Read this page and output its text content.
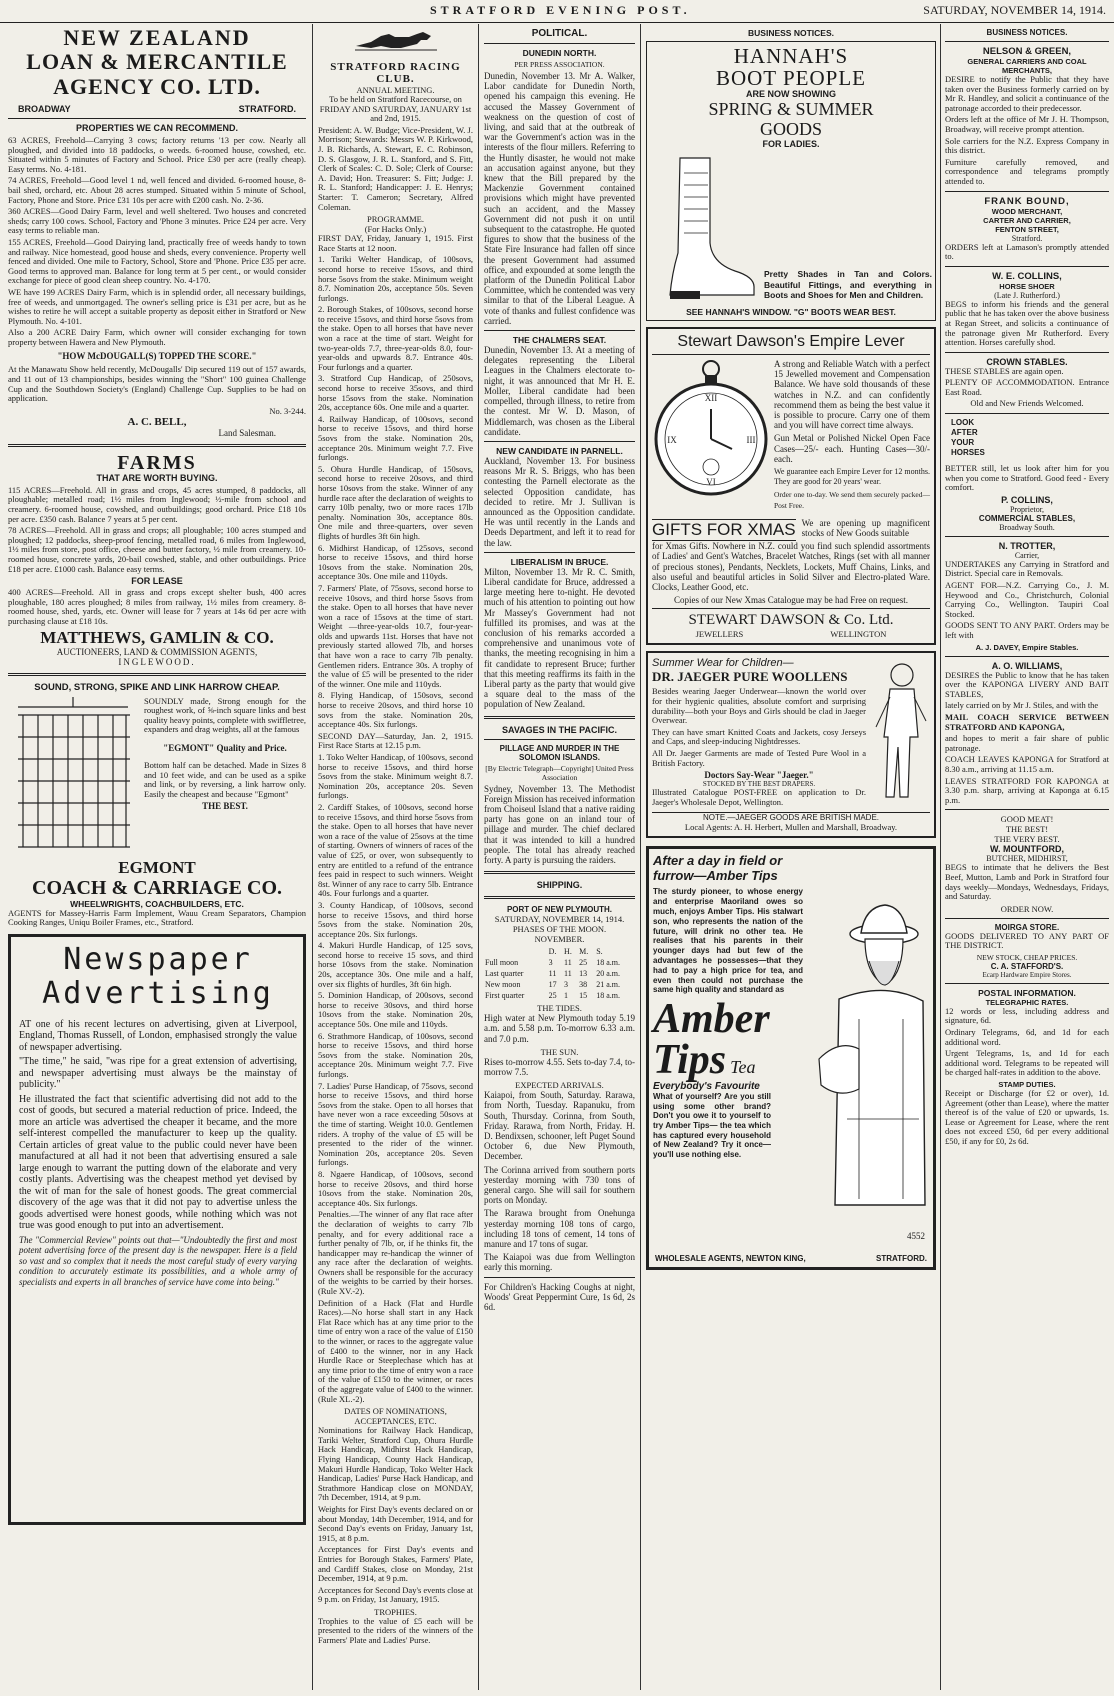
STRATFORD EVENING POST.	SATURDAY, NOVEMBER 14, 1914.
NEW ZEALAND
LOAN & MERCANTILE
AGENCY CO. LTD.
BROADWAY	STRATFORD.
PROPERTIES WE CAN RECOMMEND.

63 ACRES, Freehold—Carrying 3 cows; factory returns '13 per cow. Nearly all ploughed, and divided into 18 paddocks, o weeds. 6-roomed house, cowshed, etc. Situated within 5 minutes of Factory and School. Price £30 per acre (really cheap). Easy terms. No. 4-181.

74 ACRES, Freehold—Good level 1 nd, well fenced and divided. 6-roomed house, 8-bail shed, orchard, etc. About 28 acres stumped. Situated within 5 minute of School, Factory, Phone and Store. Price £31 10s per acre with £200 cash. No. 2-36.

360 ACRES—Good Dairy Farm, level and well sheltered. Two houses and concreted sheds; carry 100 cows. School, Factory and 'Phone 3 minutes. Price £24 per acre. Very easy terms to reliable man.

155 ACRES, Freehold—Good Dairying land, practically free of weeds handy to town and railway. Nice homestead, good house and sheds, every convenience. Property well fenced and divided. One mile to Factory, School, Store and 'Phone. Price £35 per acre. Good terms to approved man. Balance for long term at 5 per cent., or would consider exchange for piece of good clean sheep country. No. 4-170.

WE have 199 ACRES Dairy Farm, which is in splendid order, all necessary buildings, free of weeds, and unmortgaged. The owner's selling price is £31 per acre, but as he wishes to retire he will accept a suitable property as deposit either in Stratford or New Plymouth. No. 4-101.

Also a 200 ACRE Dairy Farm, which owner will consider exchanging for town property between Hawera and New Plymouth.

"HOW McDOUGALL(S) TOPPED THE SCORE."

At the Manawatu Show held recently, McDougalls' Dip secured 119 out of 157 awards, and 11 out of 13 championships, besides winning the "Short" 100 guinea Challenge Cup and the Southdown Society's (England) Challenge Cup. Supplies to be had on application.

No. 3-244.
A. C. BELL,
Land Salesman.
FARMS
THAT ARE WORTH BUYING.

115 ACRES—Freehold. All in grass and crops, 45 acres stumped, 8 paddocks, all ploughable; metalled road; 1½ miles from Inglewood; ½-mile from school and creamery. 6-roomed house, cowshed, and outbuildings; good orchard. Price £18 10s per acre. £350 cash. Balance 7 years at 5 per cent.

78 ACRES—Freehold. All in grass and crops; all ploughable; 100 acres stumped and ploughed; 12 paddocks, sheep-proof fencing, metalled road, 6 miles from Inglewood, 1½ miles from store, post office, cheese and butter factory, ½ mile from creamery. 10-roomed house, concrete yards, 20-bail cowshed, stable, and other outbuildings. Price £18 per acre. £1000 cash. Balance easy terms.

FOR LEASE

400 ACRES—Freehold. All in grass and crops except shelter bush, 400 acres ploughable, 180 acres ploughed; 8 miles from railway, 1½ miles from creamery. 8-roomed house, shed, yards, etc. Owner will lease for 7 years at 14s 6d per acre with purchasing clause at £18 10s.

MATTHEWS, GAMLIN & CO.
AUCTIONEERS, LAND & COMMISSION AGENTS,
INGLEWOOD.
SOUND, STRONG, SPIKE AND LINK HARROW CHEAP.

SOUNDLY made, Strong enough for the roughest work, of ⅝-inch square links and best quality heavy points, complete with swiffletree, expanders and drag weights, all at the famous

"EGMONT" Quality and Price.

Bottom half can be detached. Made in Sizes 8 and 10 feet wide, and can be used as a spike and link, or by reversing, a link harrow only. Easily the cheapest and because "Egmont"

THE BEST.
EGMONT
COACH & CARRIAGE CO.
WHEELWRIGHTS, COACHBUILDERS, ETC.

AGENTS for Massey-Harris Farm Implement, Wauu Cream Separators, Champion Cooking Ranges, Uniqu Boiler Frames, etc., Stratford.

Newspaper
Advertising

AT one of his recent lectures on advertising, given at Liverpool, England, Thomas Russell, of London, emphasised strongly the value of newspaper advertising.

"The time," he said, "was ripe for a great extension of advertising, and newspaper advertising must always be the mainstay of publicity."

He illustrated the fact that scientific advertising did not add to the cost of goods, but secured a material reduction of price. Indeed, the more an article was advertised the cheaper it became, and the more self-interest compelled the manufacturer to keep up the quality. Certain articles of great value to the public could never have been manufactured at all had it not been that advertising ensured a sale large enough to warrant the putting down of the elaborate and very costly plants. Advertising was the cheapest method yet devised by the wit of man for the sale of honest goods. The great commercial discovery of the age was that it did not pay to advertise unless the goods advertised were honest goods, while nothing which was not true was good enough to put into an advertisement.

The "Commercial Review" points out that—"Undoubtedly the first and most potent advertising force of the present day is the newspaper. Here is a field so vast and so complex that it needs the most careful study of every varying condition to accurately estimate its possibilities, and a whole army of specialists and experts in all branches of service have come into being."

STRATFORD RACING CLUB.
ANNUAL MEETING.

To be held on Stratford Racecourse, on FRIDAY AND SATURDAY, JANUARY 1st and 2nd, 1915.

President: A. W. Budge; Vice-President, W. J. Morrison; Stewards: Messrs W. P. Kirkwood, J. B. Richards, A. Stewart, E. C. Robinson, D. S. Glasgow, J. R. L. Stanford, and S. Fitt, Clerk of Scales: C. D. Sole; Clerk of Course: A. David; Hon. Treasurer: S. Fitt; Judge: J. R. L. Stanford; Handicapper: J. E. Henrys; Starter: T. Cameron; Secretary, Alfred Coleman.

PROGRAMME.
(For Hacks Only.)

FIRST DAY, Friday, January 1, 1915. First Race Starts at 12 noon.

1. Tariki Welter Handicap, of 100sovs, second horse to receive 15sovs, and third horse 5sovs from the stake. Minimum weight 8.7. Nomination 20s, acceptance 50s. Seven furlongs.

2. Borough Stakes, of 100sovs, second horse to receive 15sovs, and third horse 5sovs from the stake. Open to all horses that have never won a race at the time of start. Weight for two-year-olds 7.7, three-year-olds 8.0, four-year-olds and upwards 8.7. Entrance 40s. Four furlongs and a quarter.

3. Stratford Cup Handicap, of 250sovs, second horse to receive 35sovs, and third horse 15sovs from the stake. Nomination 20s, acceptance 60s. One mile and a quarter.

4. Railway Handicap, of 100sovs, second horse to receive 15sovs, and third horse 5sovs from the stake. Nomination 20s, acceptance 20s. Minimum weight 7.7. Five furlongs.

5. Ohura Hurdle Handicap, of 150sovs, second horse to receive 20sovs, and third horse 10sovs from the stake. Winner of any hurdle race after the declaration of weights to carry 10lb penalty, two or more races 17lb penalty. Nomination 30s, acceptance 80s. One mile and three-quarters, over seven flights of hurdles 3ft 6in high.

6. Midhirst Handicap, of 125sovs, second horse to receive 15sovs, and third horse 10sovs from the stake. Nomination 20s, acceptance 30s. One mile and 110yds.

7. Farmers' Plate, of 75sovs, second horse to receive 10sovs, and third horse 5sovs from the stake. Open to all horses that have never won a race of 15sovs at the time of start. Weight —three-year-olds 10.7, four-year-olds and upwards 11st. Horses that have not previously started allowed 7lb, and horses that have won a race to carry 7lb penalty. Gentlemen riders. Entrance 30s. A trophy of the value of £5 will be presented to the rider of the winner. One mile and 110yds.

8. Flying Handicap, of 150sovs, second horse to receive 20sovs, and third horse 10 sovs from the stake. Nomination 20s, acceptance 40s. Six furlongs.

SECOND DAY—Saturday, Jan. 2, 1915. First Race Starts at 12.15 p.m.

1. Toko Welter Handicap, of 100sovs, second horse to receive 15sovs, and third horse 5sovs from the stake. Minimum weight 8.7. Nomination 20s, acceptance 20s. Seven furlongs.

2. Cardiff Stakes, of 100sovs, second horse to receive 15sovs, and third horse 5sovs from the stake. Open to all horses that have never won a race of the value of 25sovs at the time of starting. Owners of winners of races of the value of £25, or over, won subsequently to entry are entitled to a refund of the entrance fees paid in respect to such winners. Weight 8st. Winner of any race to carry 5lb. Entrance 40s. Four furlongs and a quarter.

3. County Handicap, of 100sovs, second horse to receive 15sovs, and third horse 5sovs from the stake. Nomination 20s, acceptance 20s. Six furlongs.

4. Makuri Hurdle Handicap, of 125 sovs, second horse to receive 15 sovs, and third horse 10sovs from the stake. Nomination 20s, acceptance 30s. One mile and a half, over six flights of hurdles, 3ft 6in high.

5. Dominion Handicap, of 200sovs, second horse to receive 30sovs, and third horse 10sovs from the stake. Nomination 20s, acceptance 50s. One mile and 110yds.

6. Strathmore Handicap, of 100sovs, second horse to receive 15sovs, and third horse 5sovs from the stake. Nomination 20s, acceptance 20s. Minimum weight 7.7. Five furlongs.

7. Ladies' Purse Handicap, of 75sovs, second horse to receive 15sovs, and third horse 5sovs from the stake. Open to all horses that have never won a race exceeding 50sovs at the time of starting. Weight 10.0. Gentlemen riders. A trophy of the value of £5 will be presented to the rider of the winner. Nomination 20s, acceptance 20s. Seven furlongs.

8. Ngaere Handicap, of 100sovs, second horse to receive 20sovs, and third horse 10sovs from the stake. Nomination 20s, acceptance 40s. Six furlongs.

Penalties.—The winner of any flat race after the declaration of weights to carry 7lb penalty, and for every additional race a further penalty of 7lb, or, if he thinks fit, the handicapper may re-handicap the winner of any race after the declaration of weights. Owners shall be responsible for the accuracy of the weights to be carried by their horses. (Rule XV.-2).

Definition of a Hack (Flat and Hurdle Races).—No horse shall start in any Hack Flat Race which has at any time prior to the time of entry won a race of the value of £150 to the winner, or races to the aggregate value of £400 to the winner, nor in any Hack Hurdle Race or Steeplechase which has at any time prior to the time of entry won a race of the value of £150 to the winner, or races of the aggregate value of £400 to the winner. (Rule XL.-2).

DATES OF NOMINATIONS, ACCEPTANCES, ETC.

Nominations for Railway Hack Handicap, Tariki Welter, Stratford Cup, Ohura Hurdle Hack Handicap, Midhirst Hack Handicap, Flying Handicap, County Hack Handicap, Makuri Hurdle Handicap, Toko Welter Hack Handicap, Ladies' Purse Hack Handicap, and Strathmore Handicap close on MONDAY, 7th December, 1914, at 9 p.m.

Weights for First Day's events declared on or about Monday, 14th December, 1914, and for Second Day's events on Friday, January 1st, 1915, at 8 p.m.

Acceptances for First Day's events and Entries for Borough Stakes, Farmers' Plate, and Cardiff Stakes, close on Monday, 21st December, 1914, at 9 p.m.

Acceptances for Second Day's events close at 9 p.m. on Friday, 1st January, 1915.

TROPHIES.

Trophies to the value of £5 each will be presented to the riders of the winners of the Farmers' Plate and Ladies' Purse.

POLITICAL.
DUNEDIN NORTH.
PER PRESS ASSOCIATION.

Dunedin, November 13. Mr A. Walker, Labor candidate for Dunedin North, opened his campaign this evening. He accused the Massey Government of weakness on the question of cost of living, and said that at the outbreak of war the Government's action was in the interests of the flour millers. Referring to the Huntly disaster, he would not make an accusation against anyone, but they knew that the Bill prepared by the Mackenzie Government contained provisions which might have prevented such an accident, and the Massey Government did not push it on until subsequent to the catastrophe. He quoted figures to show that the business of the State Fire Insurance had fallen off since the present Government had assumed office, and expounded at some length the platform of the Dunedin Political Labor Committee, which he contended was very similar to that of the Liberal League. A vote of thanks and fullest confidence was carried.

THE CHALMERS SEAT.

Dunedin, November 13. At a meeting of delegates representing the Liberal Leagues in the Chalmers electorate to-night, it was announced that Mr H. E. Moller, Liberal candidate had been compelled, through illness, to retire from the contest. Mr W. D. Mason, of Middlemarch, was chosen as the Liberal candidate.

NEW CANDIDATE IN PARNELL.

Auckland, November 13. For business reasons Mr R. S. Briggs, who has been contesting the Parnell electorate as the selected Opposition candidate, has decided to retire. Mr J. Sullivan is announced as the Opposition candidate. He was until recently in the Lands and Deeds Department, and left it to read for the law.

LIBERALISM IN BRUCE.

Milton, November 13. Mr R. C. Smith, Liberal candidate for Bruce, addressed a large meeting here to-night. He devoted much of his attention to pointing out how Mr Massey's Government had not fulfilled its promises, and was at the conclusion of his remarks accorded a comprehensive and unanimous vote of thanks, the meeting recognising in him a fit candidate to represent Bruce; further that this meeting reaffirms its faith in the Liberal party as the party that would give a square deal to the mass of the population of New Zealand.

SAVAGES IN THE PACIFIC.
PILLAGE AND MURDER IN THE SOLOMON ISLANDS.
[By Electric Telegraph—Copyright] United Press Association

Sydney, November 13. The Methodist Foreign Mission has received information from Choiseul Island that a native raiding party has gone on an inland tour of pillage and murder. The chief declared that it was intended to kill a hundred people. The total has already reached forty. A party is pursuing the raiders.

SHIPPING.
PORT OF NEW PLYMOUTH.
SATURDAY, NOVEMBER 14, 1914.
PHASES OF THE MOON.
NOVEMBER.
	D.	H.	M.	S.
Full moon	3	11	25	18 a.m.
Last quarter	11	11	13	20 a.m.
New moon	17	3	38	21 a.m.
First quarter	25	1	15	18 a.m.
THE TIDES.

High water at New Plymouth today 5.19 a.m. and 5.58 p.m. To-morrow 6.33 a.m. and 7.0 p.m.

THE SUN.

Rises to-morrow 4.55. Sets to-day 7.4, to-morrow 7.5.

EXPECTED ARRIVALS.

Kaiapoi, from South, Saturday. Rarawa, from North, Tuesday. Rapanuku, from South, Thursday. Corinna, from South, Friday. Rarawa, from North, Friday. H. D. Bendixsen, schooner, left Puget Sound October 6, due New Plymouth, December.

The Corinna arrived from southern ports yesterday morning with 730 tons of general cargo. She will sail for southern ports on Monday.

The Rarawa brought from Onehunga yesterday morning 108 tons of cargo, including 18 tons of cement, 14 tons of manure and 17 tons of sugar.

The Kaiapoi was due from Wellington early this morning.

For Children's Hacking Coughs at night, Woods' Great Peppermint Cure, 1s 6d, 2s 6d.

BUSINESS NOTICES.
HANNAH'S
BOOT PEOPLE
ARE NOW SHOWING
SPRING & SUMMER
GOODS
FOR LADIES.

Pretty Shades in Tan and Colors. Beautiful Fittings, and everything in Boots and Shoes for Men and Children.

SEE HANNAH'S WINDOW. "G" BOOTS WEAR BEST.
Stewart Dawson's Empire Lever
XII
III
VI
IX

A strong and Reliable Watch with a perfect 15 Jewelled movement and Compensation Balance. We have sold thousands of these watches in N.Z. and can confidently recommend them as being the best value it is possible to procure. Carry one of them and you will have correct time always.

Gun Metal or Polished Nickel Open Face Cases—25/- each. Hunting Cases—30/- each.

We guarantee each Empire Lever for 12 months. They are good for 20 years' wear.

Order one to-day. We send them securely packed—Post Free.

GIFTS FOR XMAS We are opening up magnificent stocks of New Goods suitable

for Xmas Gifts. Nowhere in N.Z. could you find such splendid assortments of Ladies' and Gent's Watches, Bracelet Watches, Rings (set with all manner of precious stones), Pendants, Necklets, Lockets, Muff Chains, Links, and also useful and beautiful articles in Solid Silver and Electro-plated Ware. Clocks, Leather Good, etc.

Copies of our New Xmas Catalogue may be had Free on request.

STEWART DAWSON & Co. Ltd.
JEWELLERS	WELLINGTON
Summer Wear for Children—
DR. JAEGER PURE WOOLLENS

Besides wearing Jaeger Underwear—known the world over for their hygienic qualities, absolute comfort and surprising durability—both your Boys and Girls should be clad in Jaeger Overwear.

They can have smart Knitted Coats and Jackets, cosy Jerseys and Caps, and sleep-inducing Nightdresses.

All Dr. Jaeger Garments are made of Tested Pure Wool in a British Factory.

Doctors Say-Wear "Jaeger."
STOCKED BY THE BEST DRAPERS.

Illustrated Catalogue POST-FREE on application to Dr. Jaeger's Wholesale Depot, Wellington.

NOTE.—JAEGER GOODS ARE BRITISH MADE.
Local Agents: A. H. Herbert, Mullen and Marshall, Broadway.
After a day in field or
furrow—Amber Tips

The sturdy pioneer, to whose energy and enterprise Maoriland owes so much, enjoys Amber Tips. His stalwart son, who represents the nation of the future, will drink no other tea. He realises that his parents in their younger days had but few of the advantages he possesses—that they had to pay a high price for tea, and even then could not purchase the same high quality and standard as

Amber
Tips Tea
Everybody's Favourite

What of yourself? Are you still using some other brand? Don't you owe it to yourself to try Amber Tips— the tea which has captured every household of New Zealand? Try it once—you'll use nothing else.

4552
WHOLESALE AGENTS, NEWTON KING,	STRATFORD.
BUSINESS NOTICES.
NELSON & GREEN,
GENERAL CARRIERS AND COAL MERCHANTS,

DESIRE to notify the Public that they have taken over the Business formerly carried on by Mr R. Handley, and solicit a continuance of the patronage accorded to their predecessor.

Orders left at the office of Mr J. H. Thompson, Broadway, will receive prompt attention.

Sole carriers for the N.Z. Express Company in this district.

Furniture carefully removed, and correspondence and telegrams promptly attended to.

FRANK BOUND,
WOOD MERCHANT,
CARTER AND CARRIER,
FENTON STREET,
Stratford.

ORDERS left at Lamason's promptly attended to.

W. E. COLLINS,
HORSE SHOER
(Late J. Rutherford.)

BEGS to inform his friends and the general public that he has taken over the above business at Regan Street, and solicits a continuance of the patronage given Mr Rutherford. Every attention. Horses carefully shod.

CROWN STABLES.

THESE STABLES are again open.

PLENTY OF ACCOMMODATION. Entrance East Road.

Old and New Friends Welcomed.

LOOK
AFTER
YOUR
HORSES

BETTER still, let us look after him for you when you come to Stratford. Good feed - Every comfort.

P. COLLINS,
Proprietor,
COMMERCIAL STABLES,
Broadway South.
N. TROTTER,
Carrier,

UNDERTAKES any Carrying in Stratford and District. Special care in Removals.

AGENT FOR—N.Z. Carrying Co., J. M. Heywood and Co., Christchurch, Colonial Carrying Co., Wellington. Taupiri Coal Stocked.

GOODS SENT TO ANY PART. Orders may be left with

A. J. DAVEY, Empire Stables.
A. O. WILLIAMS,

DESIRES the Public to know that he has taken over the KAPONGA LIVERY AND BAIT STABLES,

lately carried on by Mr J. Stiles, and with the

MAIL COACH SERVICE BETWEEN STRATFORD AND KAPONGA,

and hopes to merit a fair share of public patronage.

COACH LEAVES KAPONGA for Stratford at 8.30 a.m., arriving at 11.15 a.m.

LEAVES STRATFORD FOR KAPONGA at 3.30 p.m. sharp, arriving at Kaponga at 6.15 p.m.

GOOD MEAT!
THE BEST!
THE VERY BEST.
W. MOUNTFORD,
BUTCHER, MIDHIRST,

BEGS to intimate that he delivers the Best Beef, Mutton, Lamb and Pork in Stratford four days weekly—Mondays, Wednesdays, Fridays, and Saturday.

ORDER NOW.
MOIRGA STORE.

GOODS DELIVERED TO ANY PART OF THE DISTRICT.

NEW STOCK, CHEAP PRICES.
C. A. STAFFORD'S.
Ecarp Hardware Empire Stores.
POSTAL INFORMATION.
TELEGRAPHIC RATES.

12 words or less, including address and signature, 6d.

Ordinary Telegrams, 6d, and 1d for each additional word.

Urgent Telegrams, 1s, and 1d for each additional word. Telegrams to be repeated will be charged half-rates in addition to the above.

STAMP DUTIES.

Receipt or Discharge (for £2 or over), 1d. Agreement (other than Lease), where the matter thereof is of the value of £20 or upwards, 1s. Lease or Agreement for Lease, where the rent does not exceed £50, 6d per every additional £50, if any for £0, 2s 6d.
